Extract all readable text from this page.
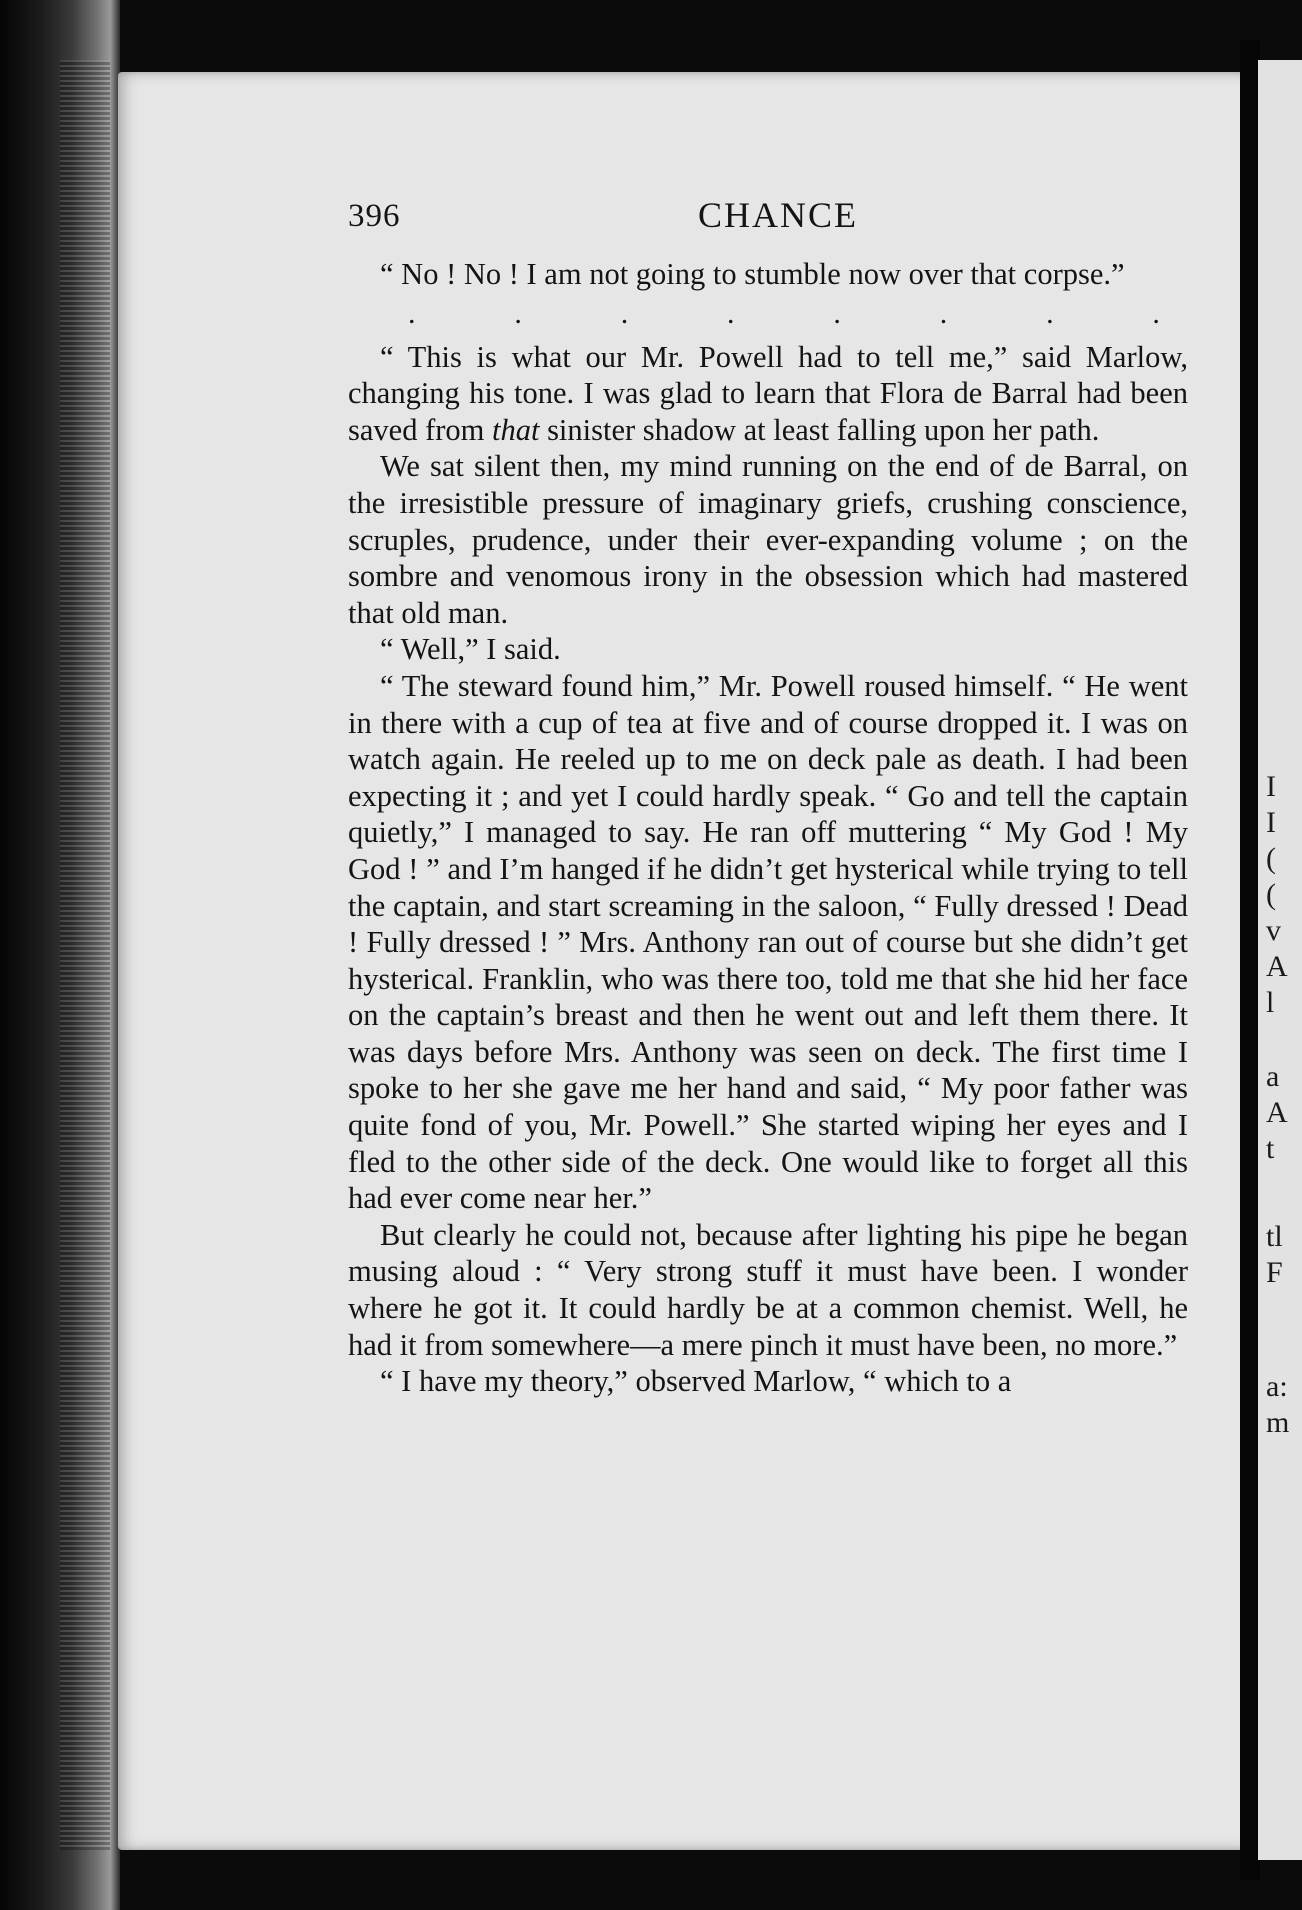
I
I
(
(
v
A
l
a
A
t
tl
F
a:
m
396	CHANCE

“ No ! No ! I am not going to stumble now over that corpse.”

.	.	.	.	.	.	.	.

“ This is what our Mr. Powell had to tell me,” said Marlow, changing his tone. I was glad to learn that Flora de Barral had been saved from that sinister shadow at least falling upon her path.

We sat silent then, my mind running on the end of de Barral, on the irresistible pressure of imaginary griefs, crushing conscience, scruples, prudence, under their ever-expanding volume ; on the sombre and venomous irony in the obsession which had mastered that old man.

“ Well,” I said.

“ The steward found him,” Mr. Powell roused himself. “ He went in there with a cup of tea at five and of course dropped it. I was on watch again. He reeled up to me on deck pale as death. I had been expecting it ; and yet I could hardly speak. “ Go and tell the captain quietly,” I managed to say. He ran off muttering “ My God ! My God ! ” and I’m hanged if he didn’t get hysterical while trying to tell the captain, and start screaming in the saloon, “ Fully dressed ! Dead ! Fully dressed ! ” Mrs. Anthony ran out of course but she didn’t get hysterical. Franklin, who was there too, told me that she hid her face on the captain’s breast and then he went out and left them there. It was days before Mrs. Anthony was seen on deck. The first time I spoke to her she gave me her hand and said, “ My poor father was quite fond of you, Mr. Powell.” She started wiping her eyes and I fled to the other side of the deck. One would like to forget all this had ever come near her.”

But clearly he could not, because after lighting his pipe he began musing aloud : “ Very strong stuff it must have been. I wonder where he got it. It could hardly be at a common chemist. Well, he had it from somewhere—a mere pinch it must have been, no more.”

“ I have my theory,” observed Marlow, “ which to a
